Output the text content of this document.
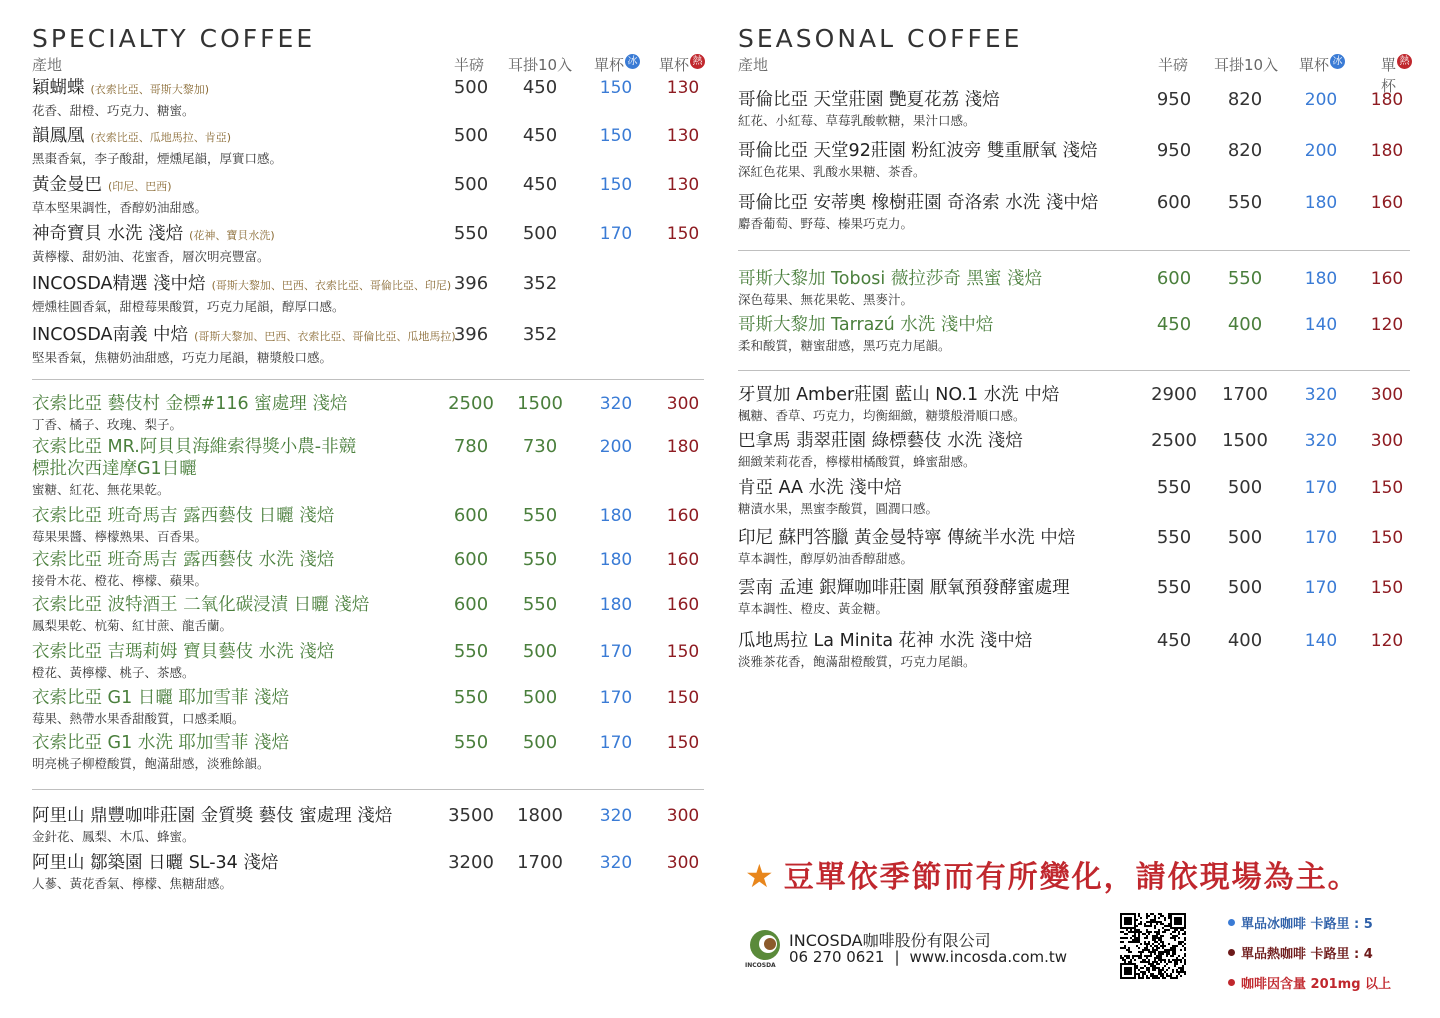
SPECIALTY COFFEE
產地	半磅 耳掛10入 單杯 冰 單杯 熱
穎蝴蝶 (衣索比亞、哥斯大黎加)
花香、甜橙、巧克力、糖蜜。
500	450	150	130
韻鳳凰 (衣索比亞、瓜地馬拉、肯亞)
黑棗香氣，李子酸甜，煙燻尾韻，厚實口感。
500	450	150	130
黃金曼巴 (印尼、巴西)
草本堅果調性，香醇奶油甜感。
500	450	150	130
神奇寶貝 水洗 淺焙 (花神、寶貝水洗)
黃檸檬、甜奶油、花蜜香，層次明亮豐富。
550	500	170	150
INCOSDA精選 淺中焙 (哥斯大黎加、巴西、衣索比亞、哥倫比亞、印尼)
煙燻桂圓香氣，甜橙莓果酸質，巧克力尾韻，醇厚口感。
396	352
INCOSDA南義 中焙 (哥斯大黎加、巴西、衣索比亞、哥倫比亞、瓜地馬拉)
堅果香氣，焦糖奶油甜感，巧克力尾韻，糖漿般口感。
396	352
衣索比亞 藝伎村 金標#116 蜜處理 淺焙
丁香、橘子、玫瑰、梨子。
2500	1500	320	300
衣索比亞 MR.阿貝貝海維索得獎小農-非競標批次西達摩G1日曬
蜜糖、紅花、無花果乾。
780	730	200	180
衣索比亞 班奇馬吉 露西藝伎 日曬 淺焙
莓果果醬、檸檬熟果、百香果。
600	550	180	160
衣索比亞 班奇馬吉 露西藝伎 水洗 淺焙
接骨木花、橙花、檸檬、蘋果。
600	550	180	160
衣索比亞 波特酒王 二氧化碳浸漬 日曬 淺焙
鳳梨果乾、杭菊、紅甘蔗、龍舌蘭。
600	550	180	160
衣索比亞 吉瑪莉姆 寶貝藝伎 水洗 淺焙
橙花、黃檸檬、桃子、茶感。
550	500	170	150
衣索比亞 G1 日曬 耶加雪菲 淺焙
莓果、熱帶水果香甜酸質，口感柔順。
550	500	170	150
衣索比亞 G1 水洗 耶加雪菲 淺焙
明亮桃子柳橙酸質，飽滿甜感，淡雅餘韻。
550	500	170	150
阿里山 鼎豐咖啡莊園 金質獎 藝伎 蜜處理 淺焙
金針花、鳳梨、木瓜、蜂蜜。
3500	1800	320	300
阿里山 鄒築園 日曬 SL-34 淺焙
人蔘、黃花香氣、檸檬、焦糖甜感。
3200	1700	320	300
SEASONAL COFFEE
產地	半磅 耳掛10入 單杯 冰	單杯
熱
哥倫比亞 天堂莊園 艷夏花荔 淺焙
紅花、小紅莓、草莓乳酸軟糖，果汁口感。
950	820	200	180
哥倫比亞 天堂92莊園 粉紅波旁 雙重厭氧 淺焙
深紅色花果、乳酸水果糖、茶香。
950	820	200	180
哥倫比亞 安蒂奧 橡樹莊園 奇洛索 水洗 淺中焙
麝香葡萄、野莓、榛果巧克力。
600	550	180	160
哥斯大黎加 Tobosi 薇拉莎奇 黑蜜 淺焙
深色莓果、無花果乾、黑麥汁。
600	550	180	160
哥斯大黎加 Tarrazú 水洗 淺中焙
柔和酸質，糖蜜甜感，黑巧克力尾韻。
450	400	140	120
牙買加 Amber莊園 藍山 NO.1 水洗 中焙
楓糖、香草、巧克力，均衡細緻，糖漿般滑順口感。
2900	1700	320	300
巴拿馬 翡翠莊園 綠標藝伎 水洗 淺焙
細緻茉莉花香，檸檬柑橘酸質，蜂蜜甜感。
2500	1500	320	300
肯亞 AA 水洗 淺中焙
糖漬水果，黑蜜李酸質，圓潤口感。
550	500	170	150
印尼 蘇門答臘 黃金曼特寧 傳統半水洗 中焙
草本調性，醇厚奶油香醇甜感。
550	500	170	150
雲南 孟連 銀輝咖啡莊園 厭氧預發酵蜜處理
草本調性、橙皮、黃金糖。
550	500	170	150
瓜地馬拉 La Minita 花神 水洗 淺中焙
淡雅茶花香，飽滿甜橙酸質，巧克力尾韻。
450	400	140	120
★ 豆單依季節而有所變化，請依現場為主。
INCOSDA
INCOSDA咖啡股份有限公司
06 270 0621 | www.incosda.com.tw
單品冰咖啡 卡路里 : 5
單品熱咖啡 卡路里 : 4
咖啡因含量 201mg 以上
